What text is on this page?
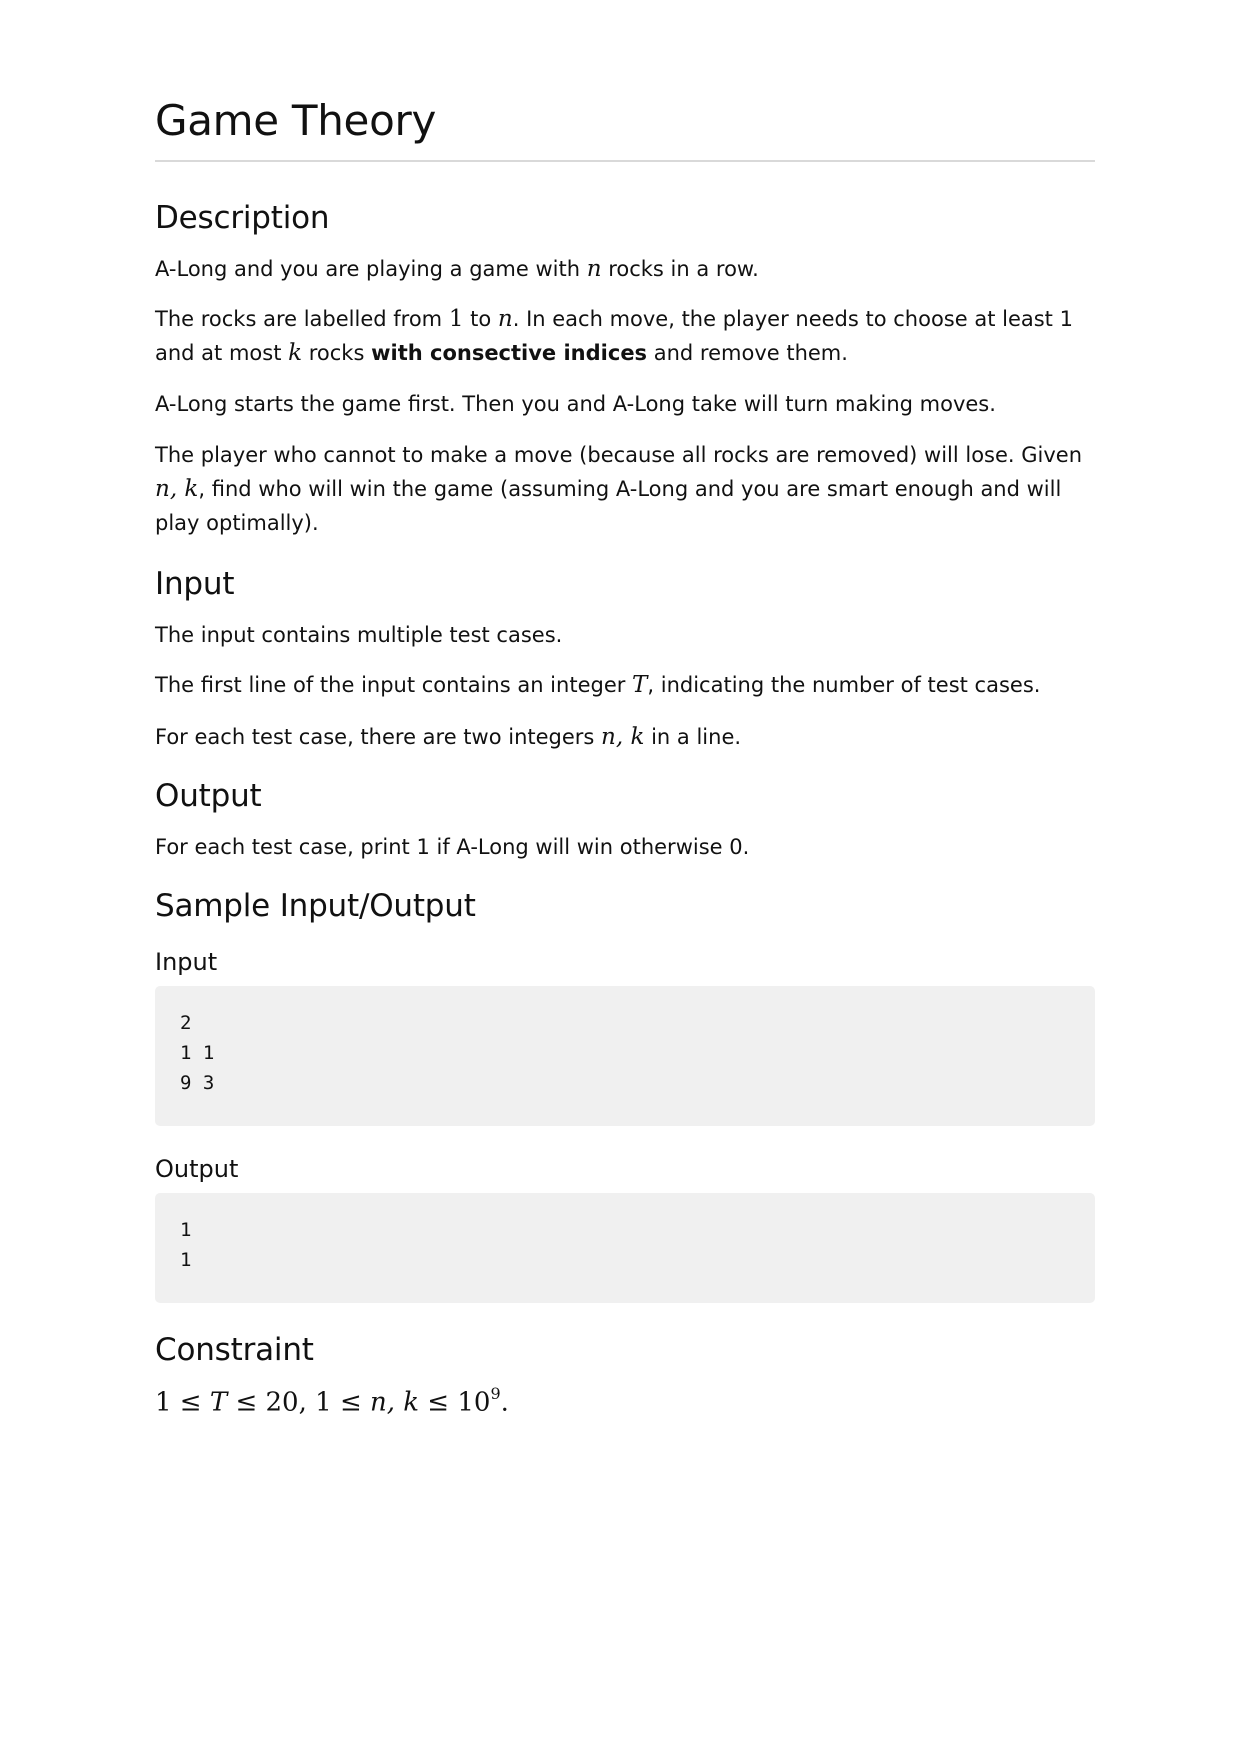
Game Theory
Description

A-Long and you are playing a game with n rocks in a row.

The rocks are labelled from 1 to n. In each move, the player needs to choose at least 1 and at most k rocks with consective indices and remove them.

A-Long starts the game first. Then you and A-Long take will turn making moves.

The player who cannot to make a move (because all rocks are removed) will lose. Given n, k, find who will win the game (assuming A-Long and you are smart enough and will play optimally).

Input

The input contains multiple test cases.

The first line of the input contains an integer T, indicating the number of test cases.

For each test case, there are two integers n, k in a line.

Output

For each test case, print 1 if A-Long will win otherwise 0.

Sample Input/Output
Input
2
1 1
9 3
Output
1
1
Constraint
1 ≤ T ≤ 20, 1 ≤ n, $k \le 10^9$.
